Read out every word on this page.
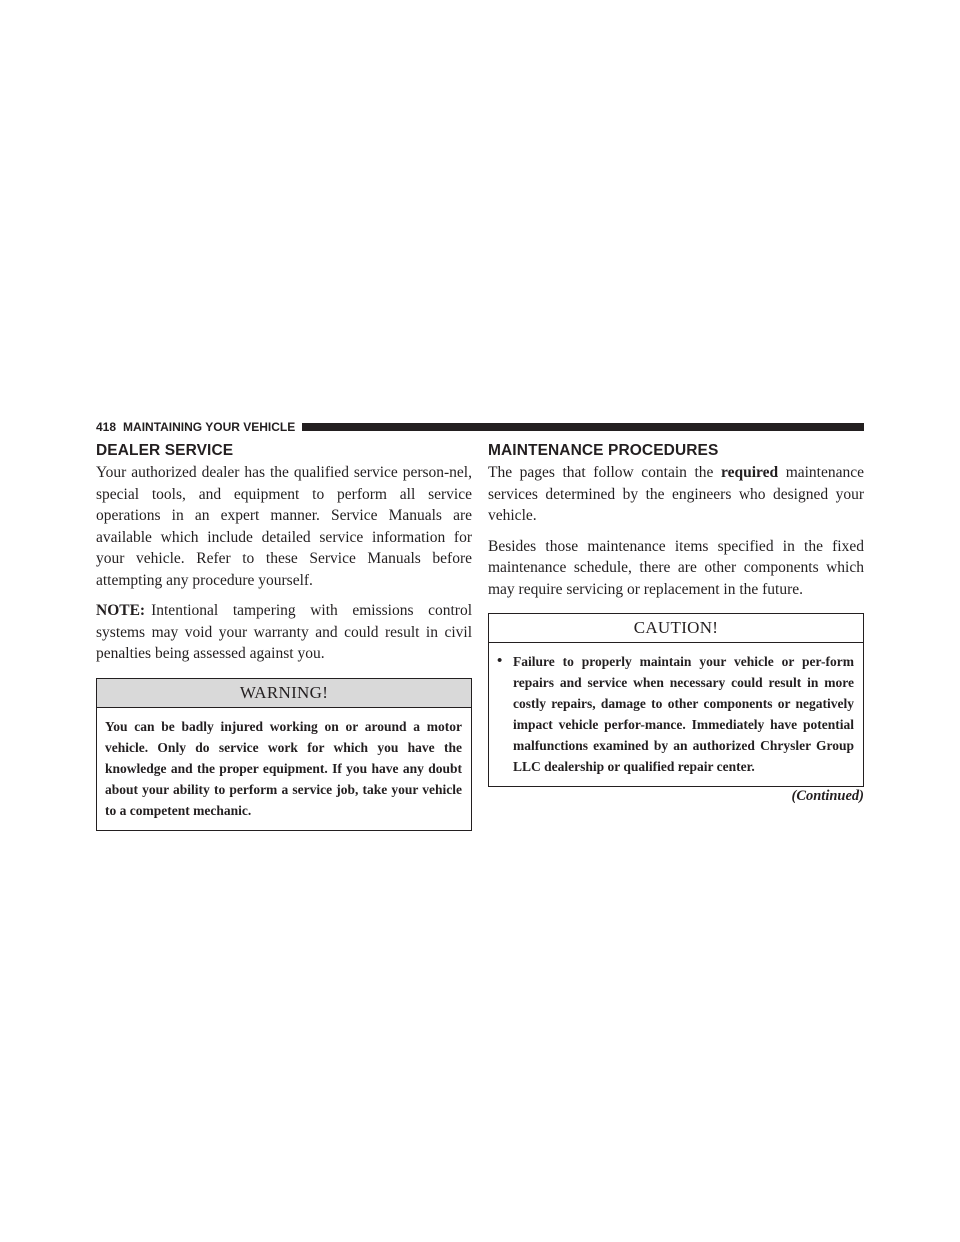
418 MAINTAINING YOUR VEHICLE
DEALER SERVICE

Your authorized dealer has the qualified service person-nel, special tools, and equipment to perform all service operations in an expert manner. Service Manuals are available which include detailed service information for your vehicle. Refer to these Service Manuals before attempting any procedure yourself.

NOTE: Intentional tampering with emissions control systems may void your warranty and could result in civil penalties being assessed against you.

WARNING!
You can be badly injured working on or around a motor vehicle. Only do service work for which you have the knowledge and the proper equipment. If you have any doubt about your ability to perform a service job, take your vehicle to a competent mechanic.
MAINTENANCE PROCEDURES

The pages that follow contain the required maintenance services determined by the engineers who designed your vehicle.

Besides those maintenance items specified in the fixed maintenance schedule, there are other components which may require servicing or replacement in the future.

CAUTION!
• Failure to properly maintain your vehicle or per-form repairs and service when necessary could result in more costly repairs, damage to other components or negatively impact vehicle perfor-mance. Immediately have potential malfunctions examined by an authorized Chrysler Group LLC dealership or qualified repair center.
(Continued)
